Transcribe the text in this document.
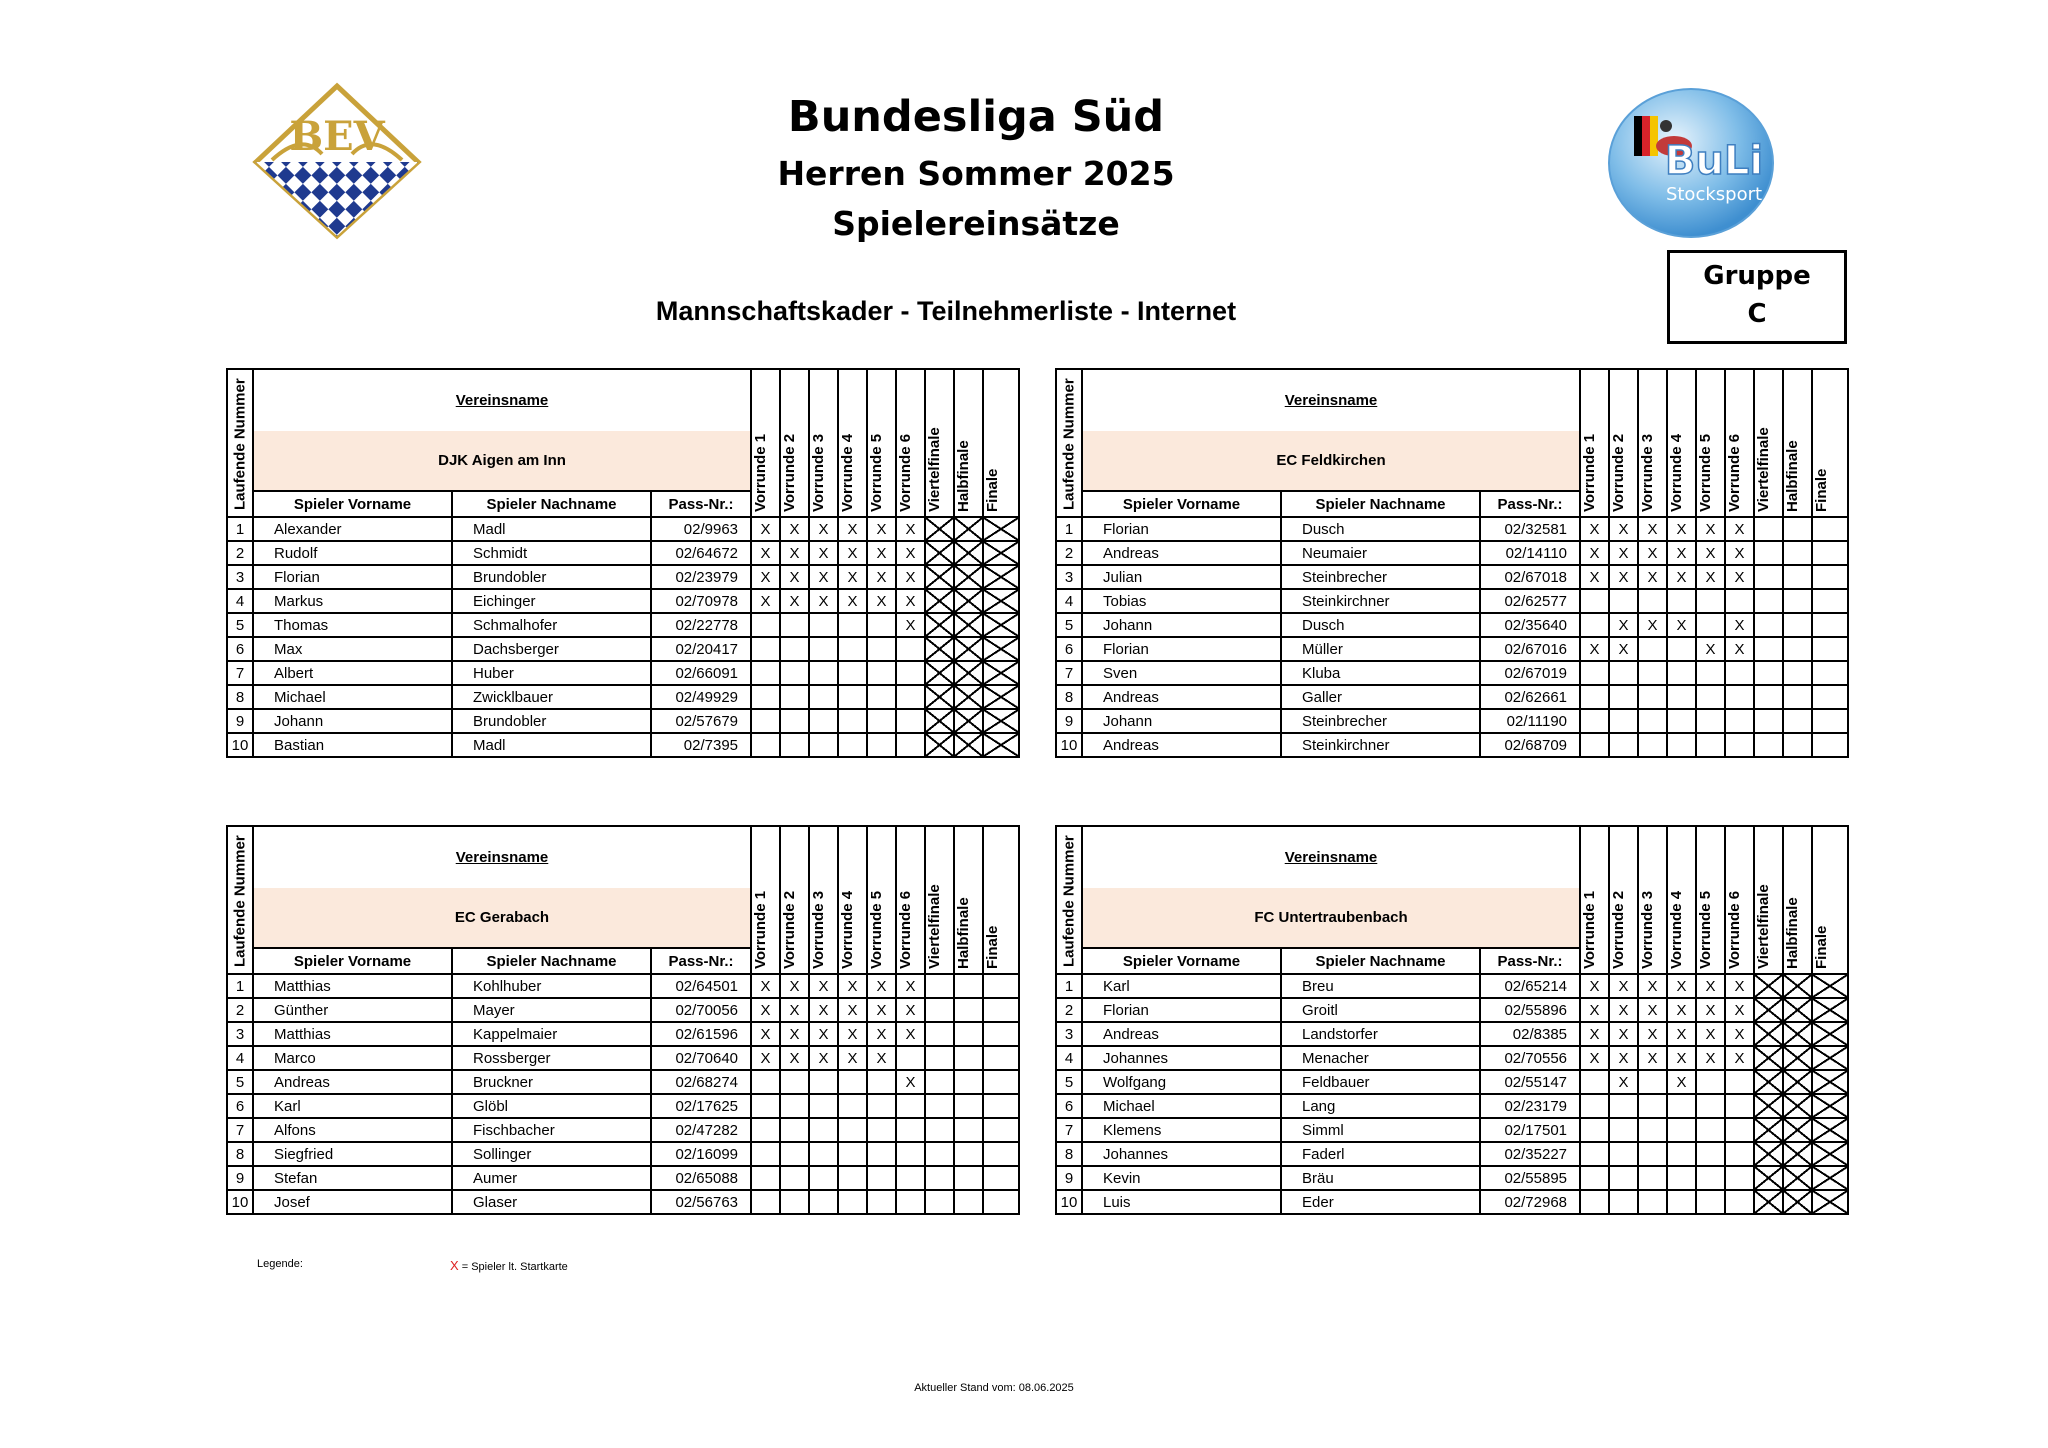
BEV
BuLi
Stocksport
Bundesliga Süd
Herren Sommer 2025
Spielereinsätze
Mannschaftskader - Teilnehmerliste - Internet
Gruppe
C
Laufende Nummer	Vereinsname			Vorrunde 1	Vorrunde 2	Vorrunde 3	Vorrunde 4	Vorrunde 5	Vorrunde 6	Viertelfinale	Halbfinale	Finale
	DJK Aigen am Inn											
	Spieler Vorname	Spieler Nachname	Pass-Nr.:									
1	Alexander	Madl	02/9963	X	X	X	X	X	X			
2	Rudolf	Schmidt	02/64672	X	X	X	X	X	X			
3	Florian	Brundobler	02/23979	X	X	X	X	X	X			
4	Markus	Eichinger	02/70978	X	X	X	X	X	X			
5	Thomas	Schmalhofer	02/22778						X			
6	Max	Dachsberger	02/20417									
7	Albert	Huber	02/66091									
8	Michael	Zwicklbauer	02/49929									
9	Johann	Brundobler	02/57679									
10	Bastian	Madl	02/7395									
Laufende Nummer	Vereinsname			Vorrunde 1	Vorrunde 2	Vorrunde 3	Vorrunde 4	Vorrunde 5	Vorrunde 6	Viertelfinale	Halbfinale	Finale
	EC Feldkirchen											
	Spieler Vorname	Spieler Nachname	Pass-Nr.:									
1	Florian	Dusch	02/32581	X	X	X	X	X	X			
2	Andreas	Neumaier	02/14110	X	X	X	X	X	X			
3	Julian	Steinbrecher	02/67018	X	X	X	X	X	X			
4	Tobias	Steinkirchner	02/62577									
5	Johann	Dusch	02/35640		X	X	X		X			
6	Florian	Müller	02/67016	X	X			X	X			
7	Sven	Kluba	02/67019									
8	Andreas	Galler	02/62661									
9	Johann	Steinbrecher	02/11190									
10	Andreas	Steinkirchner	02/68709									
Laufende Nummer	Vereinsname			Vorrunde 1	Vorrunde 2	Vorrunde 3	Vorrunde 4	Vorrunde 5	Vorrunde 6	Viertelfinale	Halbfinale	Finale
	EC Gerabach											
	Spieler Vorname	Spieler Nachname	Pass-Nr.:									
1	Matthias	Kohlhuber	02/64501	X	X	X	X	X	X			
2	Günther	Mayer	02/70056	X	X	X	X	X	X			
3	Matthias	Kappelmaier	02/61596	X	X	X	X	X	X			
4	Marco	Rossberger	02/70640	X	X	X	X	X				
5	Andreas	Bruckner	02/68274						X			
6	Karl	Glöbl	02/17625									
7	Alfons	Fischbacher	02/47282									
8	Siegfried	Sollinger	02/16099									
9	Stefan	Aumer	02/65088									
10	Josef	Glaser	02/56763									
Laufende Nummer	Vereinsname			Vorrunde 1	Vorrunde 2	Vorrunde 3	Vorrunde 4	Vorrunde 5	Vorrunde 6	Viertelfinale	Halbfinale	Finale
	FC Untertraubenbach											
	Spieler Vorname	Spieler Nachname	Pass-Nr.:									
1	Karl	Breu	02/65214	X	X	X	X	X	X			
2	Florian	Groitl	02/55896	X	X	X	X	X	X			
3	Andreas	Landstorfer	02/8385	X	X	X	X	X	X			
4	Johannes	Menacher	02/70556	X	X	X	X	X	X			
5	Wolfgang	Feldbauer	02/55147		X		X					
6	Michael	Lang	02/23179									
7	Klemens	Simml	02/17501									
8	Johannes	Faderl	02/35227									
9	Kevin	Bräu	02/55895									
10	Luis	Eder	02/72968									
Legende:	X = Spieler lt. Startkarte
Aktueller Stand vom: 08.06.2025
